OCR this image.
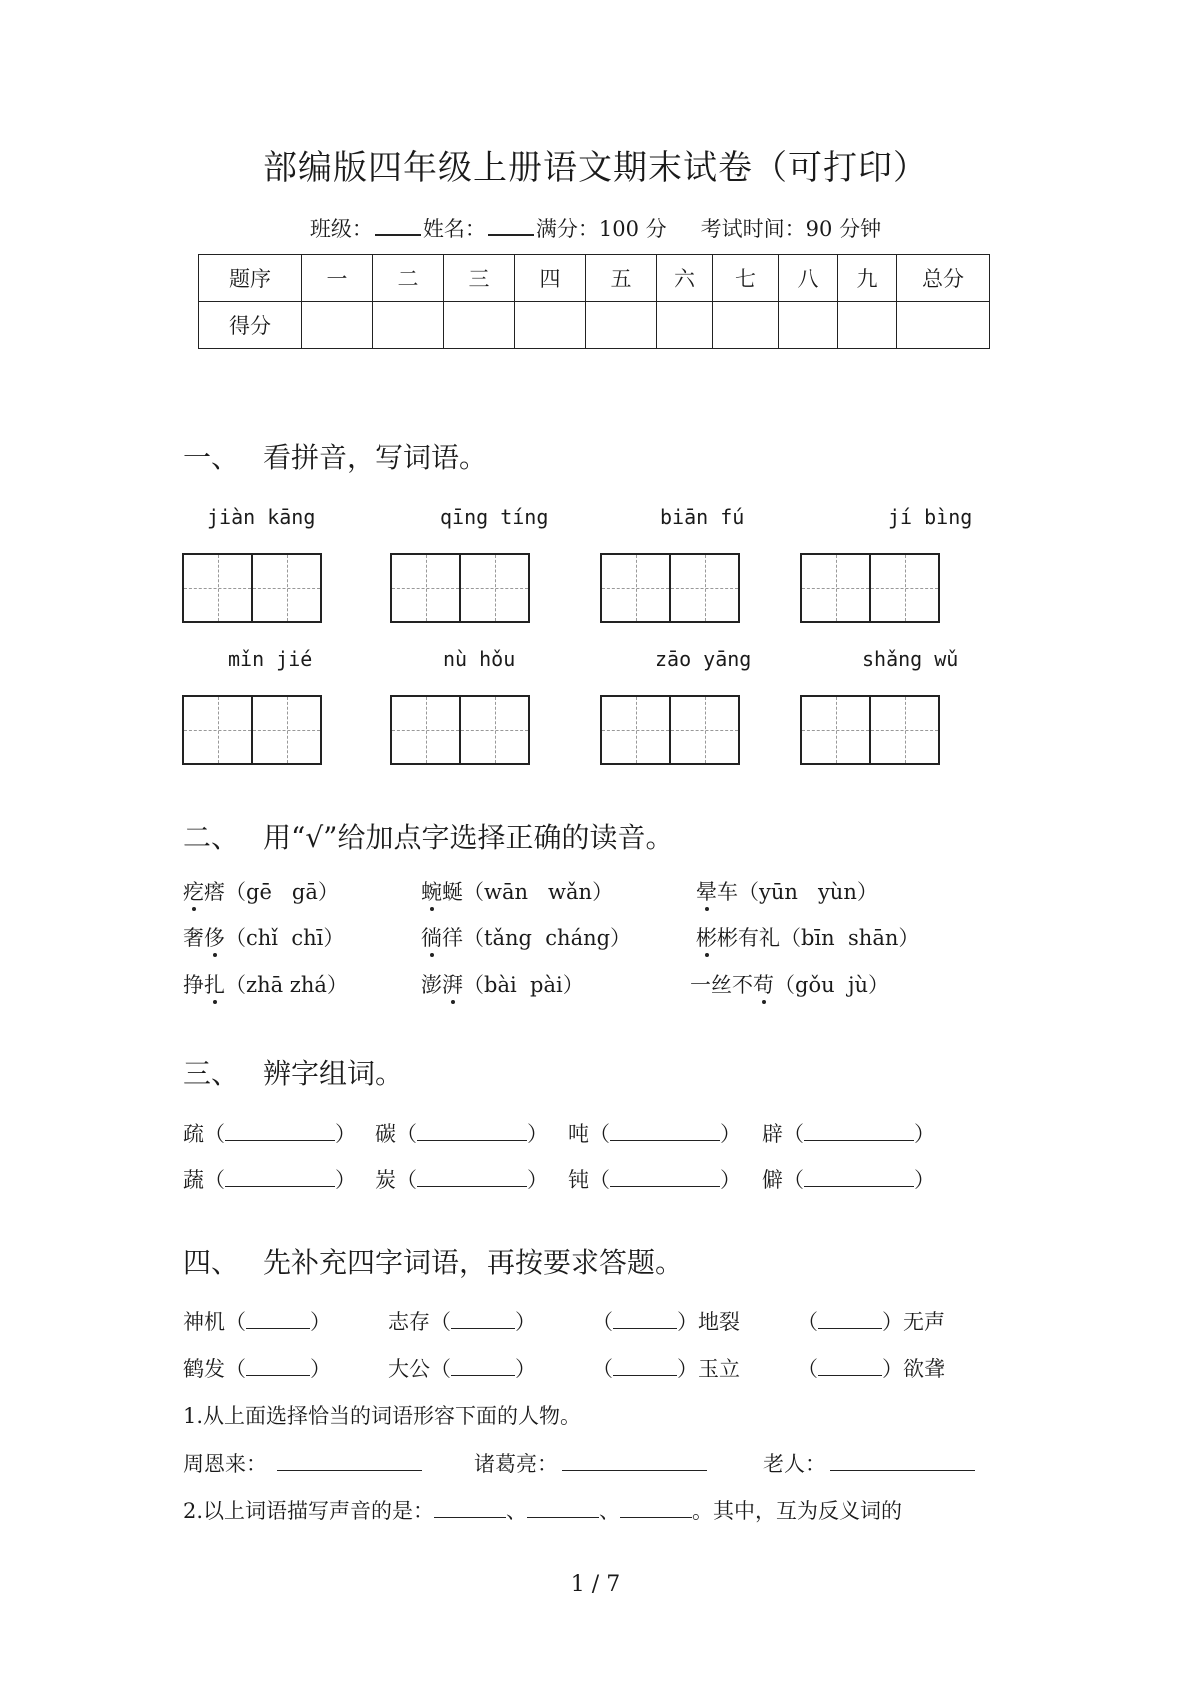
部编版四年级上册语文期末试卷（可打印）
班级： 姓名： 满分：100 分 考试时间：90 分钟
题序	一	二	三	四	五	六	七	八	九	总分
得分										
一、 看拼音，写词语。
jiàn kāng	qīng tíng	biān fú	jí bìng
mǐn jié	nù hǒu	zāo yāng	shǎng wǔ
二、 用“√”给加点字选择正确的读音。
疙瘩（gē   gā）	蜿蜒（wān   wǎn）	晕车（yūn   yùn）
奢侈（chǐ  chī）	徜徉（tǎng  cháng）	彬彬有礼（bīn  shān）
挣扎（zhā zhá）	澎湃（bài  pài）	一丝不苟（gǒu  jù）
三、 辨字组词。
疏（	） 碳（	） 吨（	） 辟（	）
蔬（	） 炭（	） 钝（	） 僻（	）
四、 先补充四字词语，再按要求答题。
神机（	）	志存（	）	（	）地裂	（	）无声
鹤发（	）	大公（	）	（	）玉立	（	）欲聋
1.从上面选择恰当的词语形容下面的人物。
周恩来：	诸葛亮：	老人：
2.以上词语描写声音的是：	、	、	。其中，互为反义词的
1 / 7
